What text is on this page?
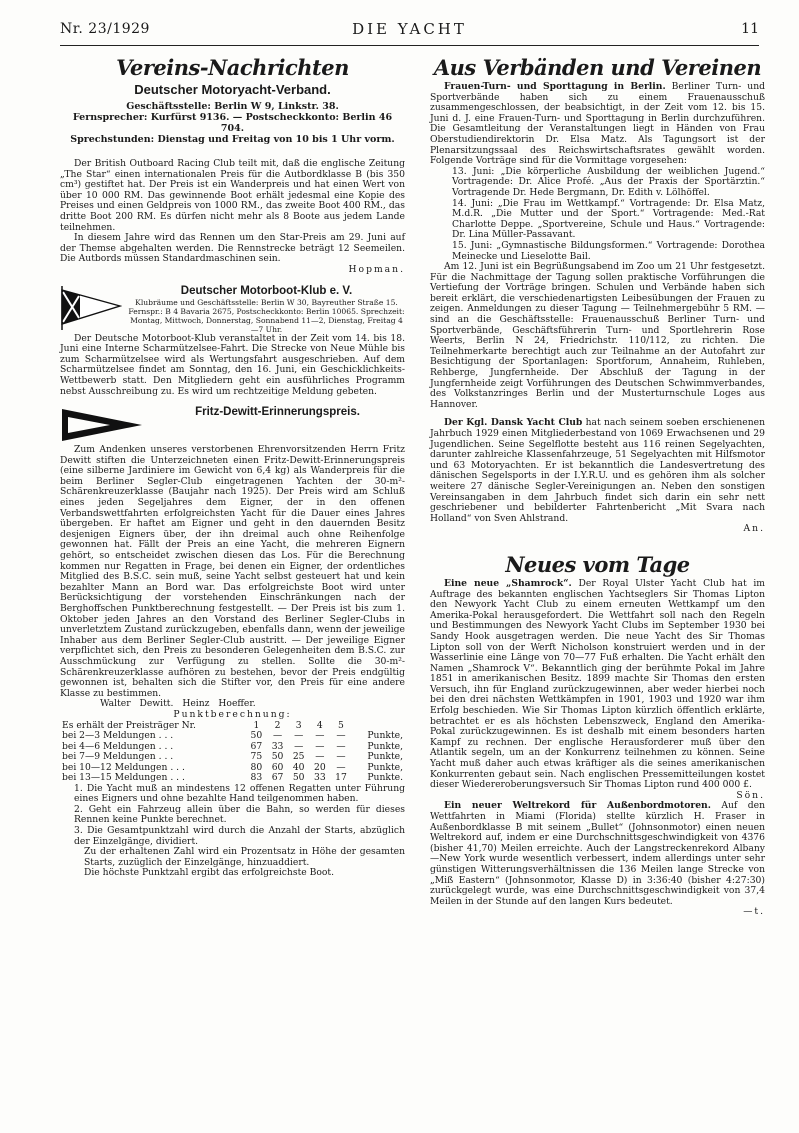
Nr. 23/1929	DIE YACHT	11
Vereins-Nachrichten
Deutscher Motoryacht-Verband.
Geschäftsstelle: Berlin W 9, Linkstr. 38.
Fernsprecher: Kurfürst 9136. — Postscheckkonto: Berlin 46 704.
Sprechstunden: Dienstag und Freitag von 10 bis 1 Uhr vorm.

Der British Outboard Racing Club teilt mit, daß die englische Zeitung „The Star“ einen internationalen Preis für die Autbordklasse B (bis 350 cm³) gestiftet hat. Der Preis ist ein Wanderpreis und hat einen Wert von über 10 000 RM. Das gewinnende Boot erhält jedesmal eine Kopie des Preises und einen Geldpreis von 1000 RM., das zweite Boot 400 RM., das dritte Boot 200 RM. Es dürfen nicht mehr als 8 Boote aus jedem Lande teilnehmen.

In diesem Jahre wird das Rennen um den Star-Preis am 29. Juni auf der Themse abgehalten werden. Die Rennstrecke beträgt 12 Seemeilen. Die Autbords müssen Standardmaschinen sein.

Hopman.
Deutscher Motorboot-Klub e. V.
Klubräume und Geschäftsstelle: Berlin W 30, Bayreuther Straße 15. Fernspr.: B 4 Bavaria 2675, Postscheckkonto: Berlin 10065. Sprechzeit: Montag, Mittwoch, Donnerstag, Sonnabend 11—2, Dienstag, Freitag 4—7 Uhr.

Der Deutsche Motorboot-Klub veranstaltet in der Zeit vom 14. bis 18. Juni eine Interne Scharmützelsee-Fahrt. Die Strecke von Neue Mühle bis zum Scharmützelsee wird als Wertungsfahrt ausgeschrieben. Auf dem Scharmützelsee findet am Sonntag, den 16. Juni, ein Geschicklichkeits-Wettbewerb statt. Den Mitgliedern geht ein ausführliches Programm nebst Ausschreibung zu. Es wird um rechtzeitige Meldung gebeten.

Fritz-Dewitt-Erinnerungspreis.

Zum Andenken unseres verstorbenen Ehrenvorsitzenden Herrn Fritz Dewitt stiften die Unterzeichneten einen Fritz-Dewitt-Erinnerungspreis (eine silberne Jardiniere im Gewicht von 6,4 kg) als Wanderpreis für die beim Berliner Segler-Club eingetragenen Yachten der 30-m²-Schärenkreuzerklasse (Baujahr nach 1925). Der Preis wird am Schluß eines jeden Segeljahres dem Eigner, der in den offenen Verbandswettfahrten erfolgreichsten Yacht für die Dauer eines Jahres übergeben. Er haftet am Eigner und geht in den dauernden Besitz desjenigen Eigners über, der ihn dreimal auch ohne Reihenfolge gewonnen hat. Fällt der Preis an eine Yacht, die mehreren Eignern gehört, so entscheidet zwischen diesen das Los. Für die Berechnung kommen nur Regatten in Frage, bei denen ein Eigner, der ordentliches Mitglied des B.S.C. sein muß, seine Yacht selbst gesteuert hat und kein bezahlter Mann an Bord war. Das erfolgreichste Boot wird unter Berücksichtigung der vorstehenden Einschränkungen nach der Berghoffschen Punktberechnung festgestellt. — Der Preis ist bis zum 1. Oktober jeden Jahres an den Vorstand des Berliner Segler-Clubs in unverletztem Zustand zurückzugeben, ebenfalls dann, wenn der jeweilige Inhaber aus dem Berliner Segler-Club austritt. — Der jeweilige Eigner verpflichtet sich, den Preis zu besonderen Gelegenheiten dem B.S.C. zur Ausschmückung zur Verfügung zu stellen. Sollte die 30-m²-Schärenkreuzerklasse aufhören zu bestehen, bevor der Preis endgültig gewonnen ist, behalten sich die Stifter vor, den Preis für eine andere Klasse zu bestimmen.

Walter Dewitt. Heinz Hoeffer.
Punktberechnung:
Es erhält der Preisträger Nr.	1	2	3	4	5	
bei 2—3 Meldungen . . .	50	—	—	—	—	Punkte,
bei 4—6 Meldungen . . .	67	33	—	—	—	Punkte,
bei 7—9 Meldungen . . .	75	50	25	—	—	Punkte,
bei 10—12 Meldungen . . .	80	60	40	20	—	Punkte,
bei 13—15 Meldungen . . .	83	67	50	33	17	Punkte.

1. Die Yacht muß an mindestens 12 offenen Regatten unter Führung eines Eigners und ohne bezahlte Hand teilgenommen haben.

2. Geht ein Fahrzeug allein über die Bahn, so werden für dieses Rennen keine Punkte berechnet.

3. Die Gesamtpunktzahl wird durch die Anzahl der Starts, abzüglich der Einzelgänge, dividiert.

Zu der erhaltenen Zahl wird ein Prozentsatz in Höhe der gesamten Starts, zuzüglich der Einzelgänge, hinzuaddiert.

Die höchste Punktzahl ergibt das erfolgreichste Boot.

Aus Verbänden und Vereinen

Frauen-Turn- und Sporttagung in Berlin. Berliner Turn- und Sportverbände haben sich zu einem Frauenausschuß zusammengeschlossen, der beabsichtigt, in der Zeit vom 12. bis 15. Juni d. J. eine Frauen-Turn- und Sporttagung in Berlin durchzuführen. Die Gesamtleitung der Veranstaltungen liegt in Händen von Frau Oberstudiendirektorin Dr. Elsa Matz. Als Tagungsort ist der Plenarsitzungssaal des Reichswirtschaftsrates gewählt worden. Folgende Vorträge sind für die Vormittage vorgesehen:

13. Juni: „Die körperliche Ausbildung der weiblichen Jugend.“ Vortragende: Dr. Alice Profé. „Aus der Praxis der Sportärztin.“ Vortragende Dr. Hede Bergmann, Dr. Edith v. Lölhöffel.

14. Juni: „Die Frau im Wettkampf.“ Vortragende: Dr. Elsa Matz, M.d.R. „Die Mutter und der Sport.“ Vortragende: Med.-Rat Charlotte Deppe. „Sportvereine, Schule und Haus.“ Vortragende: Dr. Lina Müller-Passavant.

15. Juni: „Gymnastische Bildungsformen.“ Vortragende: Dorothea Meinecke und Lieselotte Bail.

Am 12. Juni ist ein Begrüßungsabend im Zoo um 21 Uhr festgesetzt. Für die Nachmittage der Tagung sollen praktische Vorführungen die Vertiefung der Vorträge bringen. Schulen und Verbände haben sich bereit erklärt, die verschiedenartigsten Leibesübungen der Frauen zu zeigen. Anmeldungen zu dieser Tagung — Teilnehmergebühr 5 RM. — sind an die Geschäftsstelle: Frauenausschuß Berliner Turn- und Sportverbände, Geschäftsführerin Turn- und Sportlehrerin Rose Weerts, Berlin N 24, Friedrichstr. 110/112, zu richten. Die Teilnehmerkarte berechtigt auch zur Teilnahme an der Autofahrt zur Besichtigung der Sportanlagen: Sportforum, Annaheim, Ruhleben, Rehberge, Jungfernheide. Der Abschluß der Tagung in der Jungfernheide zeigt Vorführungen des Deutschen Schwimmverbandes, des Volkstanzringes Berlin und der Musterturnschule Loges aus Hannover.

Der Kgl. Dansk Yacht Club hat nach seinem soeben erschienenen Jahrbuch 1929 einen Mitgliederbestand von 1069 Erwachsenen und 29 Jugendlichen. Seine Segelflotte besteht aus 116 reinen Segelyachten, darunter zahlreiche Klassenfahrzeuge, 51 Segelyachten mit Hilfsmotor und 63 Motoryachten. Er ist bekanntlich die Landesvertretung des dänischen Segelsports in der I.Y.R.U. und es gehören ihm als solcher weitere 27 dänische Segler-Vereinigungen an. Neben den sonstigen Vereinsangaben in dem Jahrbuch findet sich darin ein sehr nett geschriebener und bebilderter Fahrtenbericht „Mit Svara nach Holland“ von Sven Ahlstrand.

An.
Neues vom Tage

Eine neue „Shamrock“. Der Royal Ulster Yacht Club hat im Auftrage des bekannten englischen Yachtseglers Sir Thomas Lipton den Newyork Yacht Club zu einem erneuten Wettkampf um den Amerika-Pokal herausgefordert. Die Wettfahrt soll nach den Regeln und Bestimmungen des Newyork Yacht Clubs im September 1930 bei Sandy Hook ausgetragen werden. Die neue Yacht des Sir Thomas Lipton soll von der Werft Nicholson konstruiert werden und in der Wasserlinie eine Länge von 70—77 Fuß erhalten. Die Yacht erhält den Namen „Shamrock V“. Bekanntlich ging der berühmte Pokal im Jahre 1851 in amerikanischen Besitz. 1899 machte Sir Thomas den ersten Versuch, ihn für England zurückzugewinnen, aber weder hierbei noch bei den drei nächsten Wettkämpfen in 1901, 1903 und 1920 war ihm Erfolg beschieden. Wie Sir Thomas Lipton kürzlich öffentlich erklärte, betrachtet er es als höchsten Lebenszweck, England den Amerika-Pokal zurückzugewinnen. Es ist deshalb mit einem besonders harten Kampf zu rechnen. Der englische Herausforderer muß über den Atlantik segeln, um an der Konkurrenz teilnehmen zu können. Seine Yacht muß daher auch etwas kräftiger als die seines amerikanischen Konkurrenten gebaut sein. Nach englischen Pressemitteilungen kostet dieser Wiedereroberungsversuch Sir Thomas Lipton rund 400 000 £.

Sön.

Ein neuer Weltrekord für Außenbordmotoren. Auf den Wettfahrten in Miami (Florida) stellte kürzlich H. Fraser in Außenbordklasse B mit seinem „Bullet“ (Johnsonmotor) einen neuen Weltrekord auf, indem er eine Durchschnittsgeschwindigkeit von 4376 (bisher 41,70) Meilen erreichte. Auch der Langstreckenrekord Albany—New York wurde wesentlich verbessert, indem allerdings unter sehr günstigen Witterungsverhältnissen die 136 Meilen lange Strecke von „Miß Eastern“ (Johnsonmotor, Klasse D) in 3:36:40 (bisher 4:27:30) zurückgelegt wurde, was eine Durchschnittsgeschwindigkeit von 37,4 Meilen in der Stunde auf den langen Kurs bedeutet.

—t.
